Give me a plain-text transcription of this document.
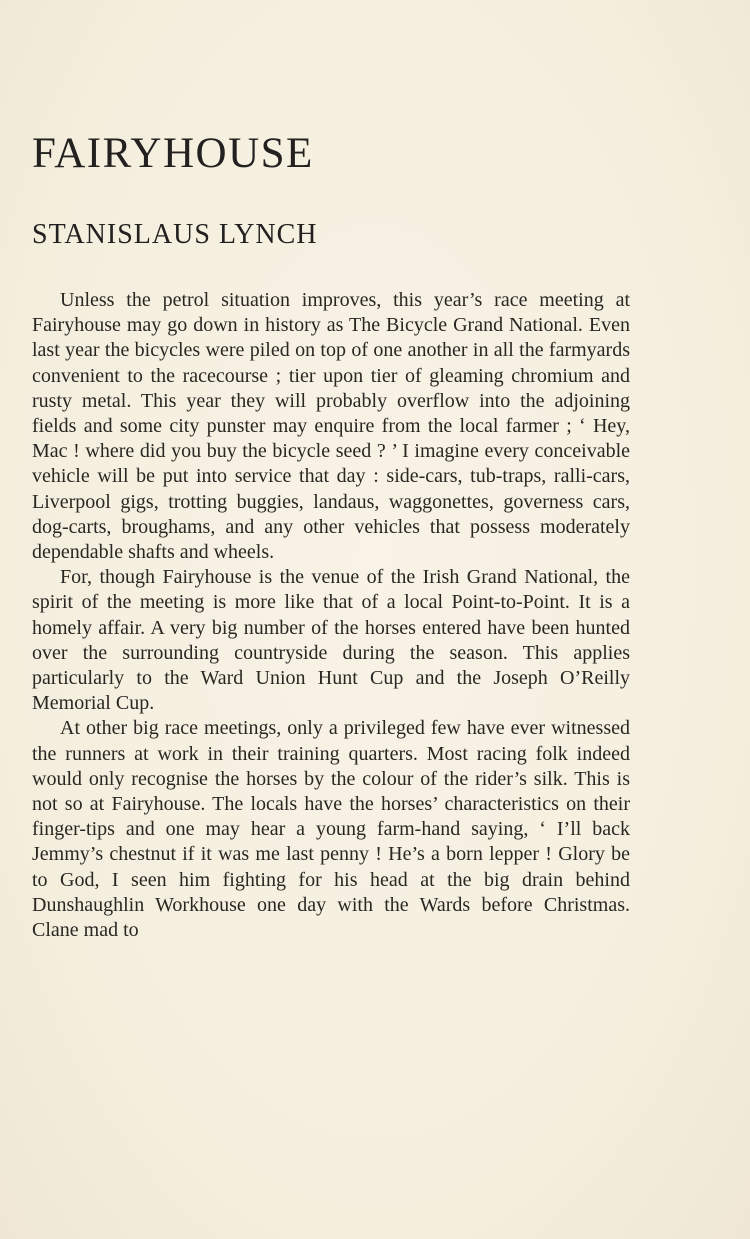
FAIRYHOUSE
STANISLAUS LYNCH

Unless the petrol situation improves, this year’s race meeting at Fairyhouse may go down in history as The Bicycle Grand National. Even last year the bicycles were piled on top of one another in all the farmyards convenient to the racecourse ; tier upon tier of gleaming chromium and rusty metal. This year they will probably overflow into the adjoining fields and some city punster may enquire from the local farmer ; ‘ Hey, Mac ! where did you buy the bicycle seed ? ’ I imagine every conceivable vehicle will be put into service that day : side-cars, tub-traps, ralli-cars, Liverpool gigs, trotting buggies, landaus, waggonettes, governess cars, dog-carts, broughams, and any other vehicles that possess moderately dependable shafts and wheels.

For, though Fairyhouse is the venue of the Irish Grand National, the spirit of the meeting is more like that of a local Point-to-Point. It is a homely affair. A very big number of the horses entered have been hunted over the surrounding countryside during the season. This applies particularly to the Ward Union Hunt Cup and the Joseph O’Reilly Memorial Cup.

At other big race meetings, only a privileged few have ever witnessed the runners at work in their training quarters. Most racing folk indeed would only recognise the horses by the colour of the rider’s silk. This is not so at Fairyhouse. The locals have the horses’ characteristics on their finger-tips and one may hear a young farm-hand saying, ‘ I’ll back Jemmy’s chestnut if it was me last penny ! He’s a born lepper ! Glory be to God, I seen him fighting for his head at the big drain behind Dunshaughlin Workhouse one day with the Wards before Christmas. Clane mad to
